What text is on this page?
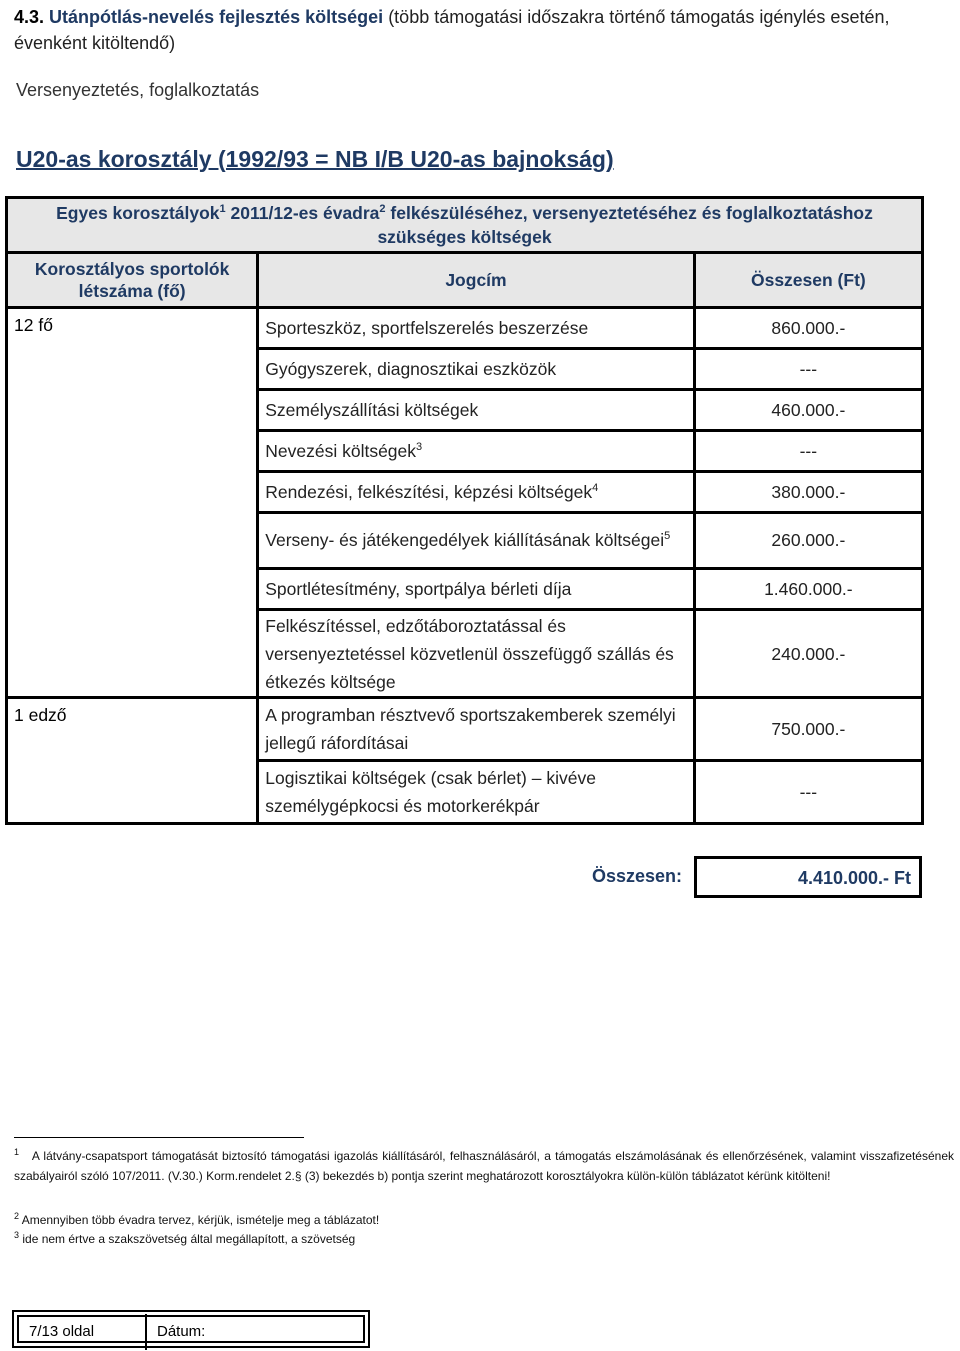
4.3. Utánpótlás-nevelés fejlesztés költségei (több támogatási időszakra történő támogatás igénylés esetén, évenként kitöltendő)
Versenyeztetés, foglalkoztatás
U20-as korosztály (1992/93 = NB I/B U20-as bajnokság)
Egyes korosztályok$^1$ 2011/12-es évadra$^2$ felkészüléséhez, versenyeztetéséhez és foglalkoztatáshoz szükséges költségek		
Korosztályos sportolók létszáma (fő)	Jogcím	Összesen (Ft)
12 fő	Sporteszköz, sportfelszerelés beszerzése	860.000.-
	Gyógyszerek, diagnosztikai eszközök	---
	Személyszállítási költségek	460.000.-
	Nevezési költségek$^3$	---
	Rendezési, felkészítési, képzési költségek$^4$	380.000.-
	Verseny- és játékengedélyek kiállításának költségei$^5$	260.000.-
	Sportlétesítmény, sportpálya bérleti díja	1.460.000.-
	Felkészítéssel, edzőtáboroztatással és versenyeztetéssel közvetlenül összefüggő szállás és étkezés költsége	240.000.-
1 edző	A programban résztvevő sportszakemberek személyi jellegű ráfordításai	750.000.-
	Logisztikai költségek (csak bérlet) – kivéve személygépkocsi és motorkerékpár	---
Összesen:	4.410.000.- Ft
$^1$ A látvány-csapatsport támogatását biztosító támogatási igazolás kiállításáról, felhasználásáról, a támogatás elszámolásának és ellenőrzésének, valamint visszafizetésének szabályairól szóló 107/2011. (V.30.) Korm.rendelet 2.§ (3) bekezdés b) pontja szerint meghatározott korosztályokra külön-külön táblázatot kérünk kitölteni!
$^2$ Amennyiben több évadra tervez, kérjük, ismételje meg a táblázatot!
$^3$ ide nem értve a szakszövetség által megállapított, a szövetség
7/13 oldal	Dátum:
